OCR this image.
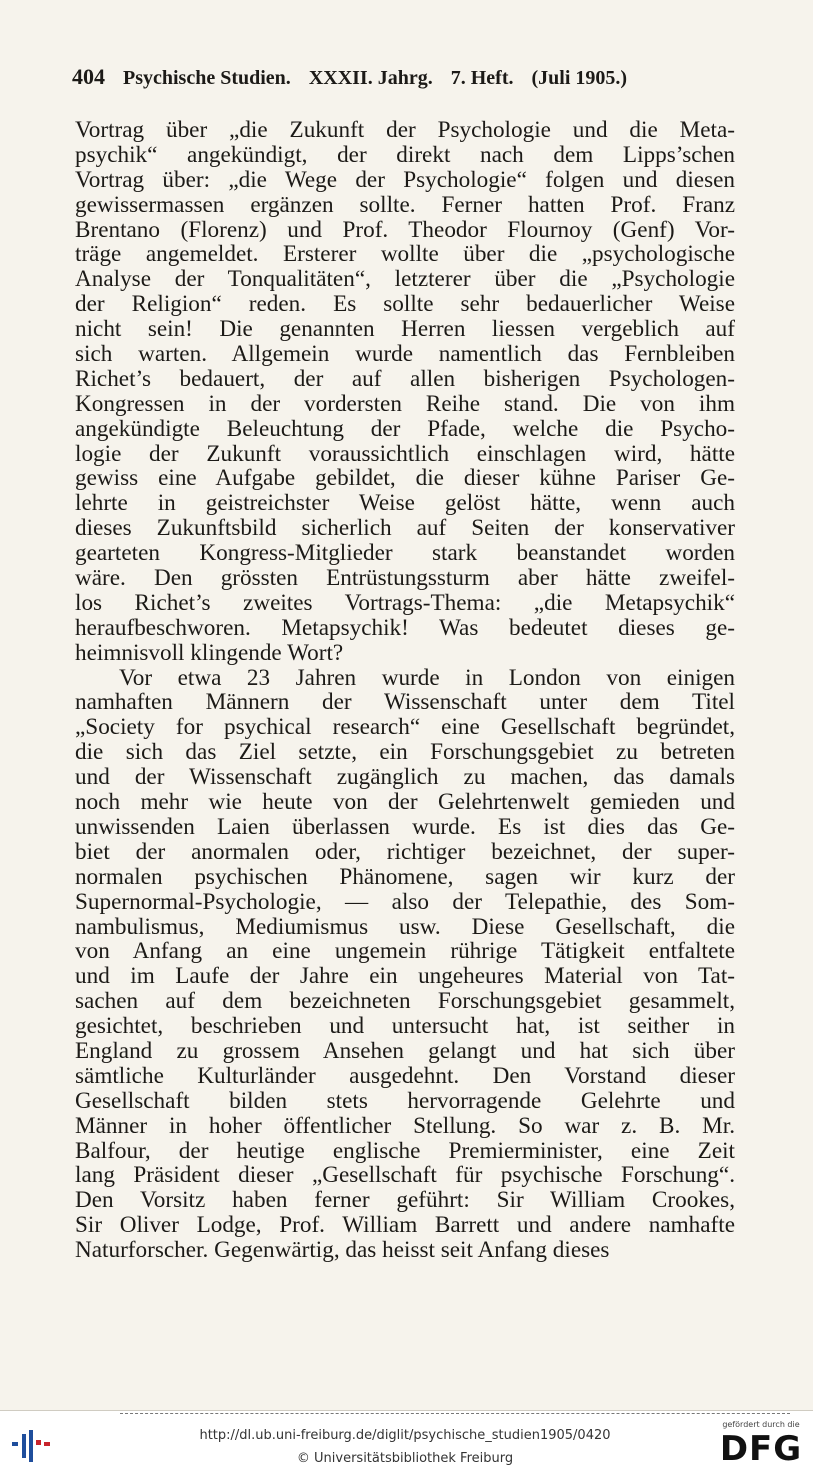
404 Psychische Studien. XXXII. Jahrg. 7. Heft. (Juli 1905.)
Vortrag über „die Zukunft der Psychologie und die Meta-
psychik“ angekündigt, der direkt nach dem Lipps’schen
Vortrag über: „die Wege der Psychologie“ folgen und diesen
gewissermassen ergänzen sollte. Ferner hatten Prof. Franz
Brentano (Florenz) und Prof. Theodor Flournoy (Genf) Vor-
träge angemeldet. Ersterer wollte über die „psychologische
Analyse der Tonqualitäten“, letzterer über die „Psychologie
der Religion“ reden. Es sollte sehr bedauerlicher Weise
nicht sein! Die genannten Herren liessen vergeblich auf
sich warten. Allgemein wurde namentlich das Fernbleiben
Richet’s bedauert, der auf allen bisherigen Psychologen-
Kongressen in der vordersten Reihe stand. Die von ihm
angekündigte Beleuchtung der Pfade, welche die Psycho-
logie der Zukunft voraussichtlich einschlagen wird, hätte
gewiss eine Aufgabe gebildet, die dieser kühne Pariser Ge-
lehrte in geistreichster Weise gelöst hätte, wenn auch
dieses Zukunftsbild sicherlich auf Seiten der konservativer
gearteten Kongress-Mitglieder stark beanstandet worden
wäre. Den grössten Entrüstungssturm aber hätte zweifel-
los Richet’s zweites Vortrags-Thema: „die Metapsychik“
heraufbeschworen. Metapsychik! Was bedeutet dieses ge-
heimnisvoll klingende Wort?
Vor etwa 23 Jahren wurde in London von einigen
namhaften Männern der Wissenschaft unter dem Titel
„Society for psychical research“ eine Gesellschaft begründet,
die sich das Ziel setzte, ein Forschungsgebiet zu betreten
und der Wissenschaft zugänglich zu machen, das damals
noch mehr wie heute von der Gelehrtenwelt gemieden und
unwissenden Laien überlassen wurde. Es ist dies das Ge-
biet der anormalen oder, richtiger bezeichnet, der super-
normalen psychischen Phänomene, sagen wir kurz der
Supernormal-Psychologie, — also der Telepathie, des Som-
nambulismus, Mediumismus usw. Diese Gesellschaft, die
von Anfang an eine ungemein rührige Tätigkeit entfaltete
und im Laufe der Jahre ein ungeheures Material von Tat-
sachen auf dem bezeichneten Forschungsgebiet gesammelt,
gesichtet, beschrieben und untersucht hat, ist seither in
England zu grossem Ansehen gelangt und hat sich über
sämtliche Kulturländer ausgedehnt. Den Vorstand dieser
Gesellschaft bilden stets hervorragende Gelehrte und
Männer in hoher öffentlicher Stellung. So war z. B. Mr.
Balfour, der heutige englische Premierminister, eine Zeit
lang Präsident dieser „Gesellschaft für psychische Forschung“.
Den Vorsitz haben ferner geführt: Sir William Crookes,
Sir Oliver Lodge, Prof. William Barrett und andere namhafte
Naturforscher. Gegenwärtig, das heisst seit Anfang dieses
http://dl.ub.uni-freiburg.de/diglit/psychische_studien1905/0420
© Universitätsbibliothek Freiburg
gefördert durch die
DFG
